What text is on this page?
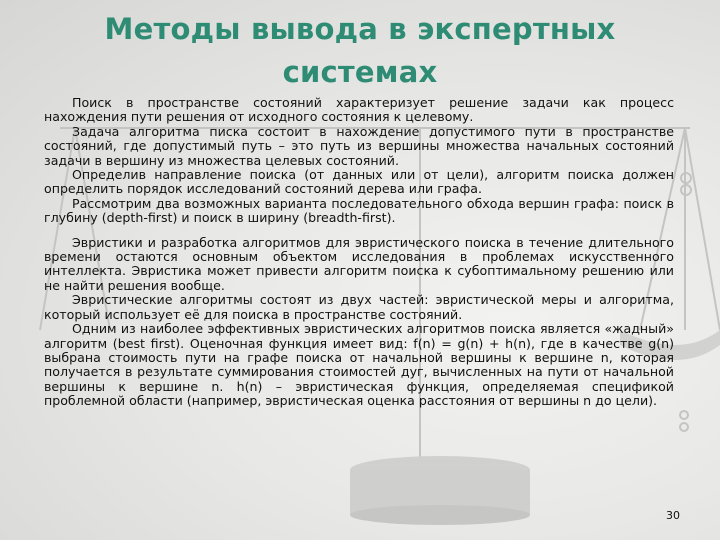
Методы вывода в экспертных
системах

Поиск в пространстве состояний характеризует решение задачи как процесс нахождения пути решения от исходного состояния к целевому.

Задача алгоритма писка состоит в нахождение допустимого пути в пространстве состояний, где допустимый путь – это путь из вершины множества начальных состояний задачи в вершину из множества целевых состояний.

Определив направление поиска (от данных или от цели), алгоритм поиска должен определить порядок исследований состояний дерева или графа.

Рассмотрим два возможных варианта последовательного обхода вершин графа: поиск в глубину (depth-first) и поиск в ширину (breadth-first).

Эвристики и разработка алгоритмов для эвристического поиска в течение длительного времени остаются основным объектом исследования в проблемах искусственного интеллекта. Эвристика может привести алгоритм поиска к субоптимальному решению или не найти решения вообще.

Эвристические алгоритмы состоят из двух частей: эвристической меры и алгоритма, который использует её для поиска в пространстве состояний.

Одним из наиболее эффективных эвристических алгоритмов поиска является «жадный» алгоритм (best first). Оценочная функция имеет вид: f(n) = g(n) + h(n), где в качестве g(n) выбрана стоимость пути на графе поиска от начальной вершины к вершине n, которая получается в результате суммирования стоимостей дуг, вычисленных на пути от начальной вершины к вершине n. h(n) – эвристическая функция, определяемая спецификой проблемной области (например, эвристическая оценка расстояния от вершины n до цели).

30
